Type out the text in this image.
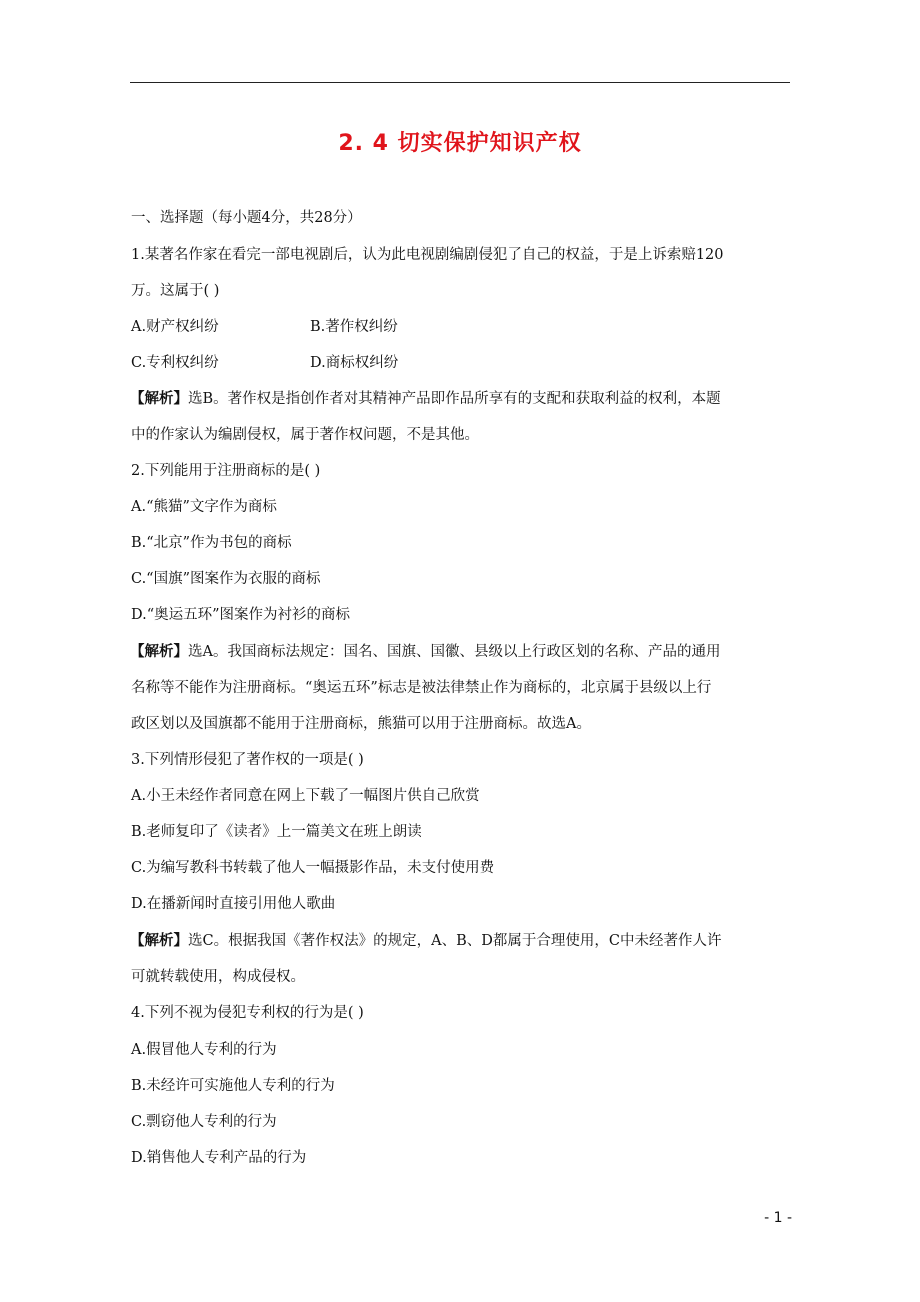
2. 4 切实保护知识产权
一、选择题（每小题4分，共28分）
1.某著名作家在看完一部电视剧后，认为此电视剧编剧侵犯了自己的权益，于是上诉索赔120
万。这属于( )
A.财产权纠纷	B.著作权纠纷
C.专利权纠纷	D.商标权纠纷
【解析】选B。著作权是指创作者对其精神产品即作品所享有的支配和获取利益的权利，本题
中的作家认为编剧侵权，属于著作权问题，不是其他。
2.下列能用于注册商标的是( )
A.“熊猫”文字作为商标
B.“北京”作为书包的商标
C.“国旗”图案作为衣服的商标
D.“奥运五环”图案作为衬衫的商标
【解析】选A。我国商标法规定：国名、国旗、国徽、县级以上行政区划的名称、产品的通用
名称等不能作为注册商标。“奥运五环”标志是被法律禁止作为商标的，北京属于县级以上行
政区划以及国旗都不能用于注册商标，熊猫可以用于注册商标。故选A。
3.下列情形侵犯了著作权的一项是( )
A.小王未经作者同意在网上下载了一幅图片供自己欣赏
B.老师复印了《读者》上一篇美文在班上朗读
C.为编写教科书转载了他人一幅摄影作品，未支付使用费
D.在播新闻时直接引用他人歌曲
【解析】选C。根据我国《著作权法》的规定，A、B、D都属于合理使用，C中未经著作人许
可就转载使用，构成侵权。
4.下列不视为侵犯专利权的行为是( )
A.假冒他人专利的行为
B.未经许可实施他人专利的行为
C.剽窃他人专利的行为
D.销售他人专利产品的行为
- 1 -
